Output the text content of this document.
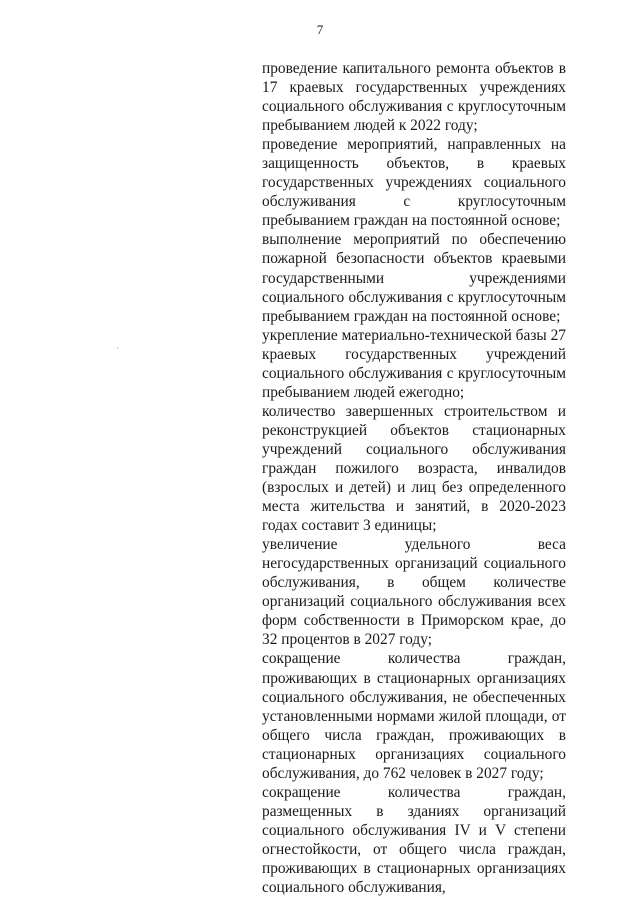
7

проведение капитального ремонта объектов в 17 краевых государственных учреждениях социального обслуживания с круглосуточным пребыванием людей к 2022 году;

проведение мероприятий, направленных на защищенность объектов, в краевых государственных учреждениях социального обслуживания с круглосуточным пребыванием граждан на постоянной основе;

выполнение мероприятий по обеспечению пожарной безопасности объектов краевыми государственными учреждениями социального обслуживания с круглосуточным пребыванием граждан на постоянной основе;

укрепление материально-технической базы 27 краевых государственных учреждений социального обслуживания с круглосуточным пребыванием людей ежегодно;

количество завершенных строительством и реконструкцией объектов стационарных учреждений социального обслуживания граждан пожилого возраста, инвалидов (взрослых и детей) и лиц без определенного места жительства и занятий, в 2020-2023 годах составит 3 единицы;

увеличение удельного веса негосударственных организаций социального обслуживания, в общем количестве организаций социального обслуживания всех форм собственности в Приморском крае, до 32 процентов в 2027 году;

сокращение количества граждан, проживающих в стационарных организациях социального обслуживания, не обеспеченных установленными нормами жилой площади, от общего числа граждан, проживающих в стационарных организациях социального обслуживания, до 762 человек в 2027 году;

сокращение количества граждан, размещенных в зданиях организаций социального обслуживания IV и V степени огнестойкости, от общего числа граждан, проживающих в стационарных организациях социального обслуживания,
